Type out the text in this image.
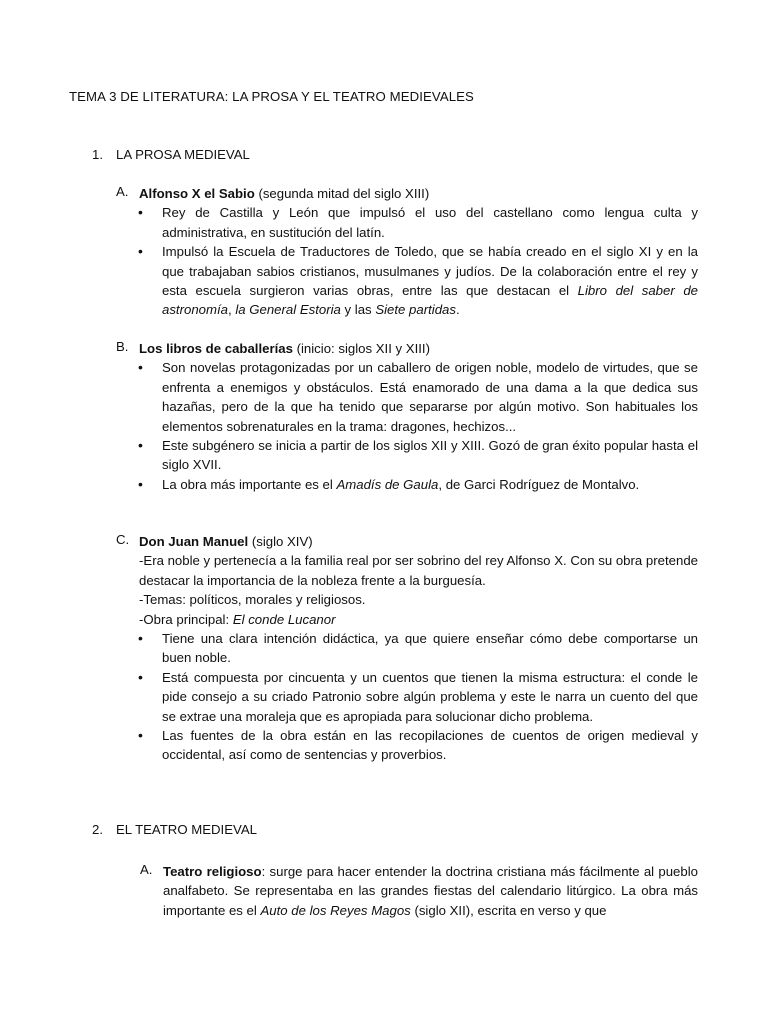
TEMA 3 DE LITERATURA: LA PROSA Y EL TEATRO MEDIEVALES
1. LA PROSA MEDIEVAL
A. Alfonso X el Sabio (segunda mitad del siglo XIII)
• Rey de Castilla y León que impulsó el uso del castellano como lengua culta y administrativa, en sustitución del latín.
• Impulsó la Escuela de Traductores de Toledo, que se había creado en el siglo XI y en la que trabajaban sabios cristianos, musulmanes y judíos. De la colaboración entre el rey y esta escuela surgieron varias obras, entre las que destacan el Libro del saber de astronomía, la General Estoria y las Siete partidas.
B. Los libros de caballerías (inicio: siglos XII y XIII)
• Son novelas protagonizadas por un caballero de origen noble, modelo de virtudes, que se enfrenta a enemigos y obstáculos. Está enamorado de una dama a la que dedica sus hazañas, pero de la que ha tenido que separarse por algún motivo. Son habituales los elementos sobrenaturales en la trama: dragones, hechizos...
• Este subgénero se inicia a partir de los siglos XII y XIII. Gozó de gran éxito popular hasta el siglo XVII.
• La obra más importante es el Amadís de Gaula, de Garci Rodríguez de Montalvo.
C. Don Juan Manuel (siglo XIV)
-Era noble y pertenecía a la familia real por ser sobrino del rey Alfonso X. Con su obra pretende destacar la importancia de la nobleza frente a la burguesía.
-Temas: políticos, morales y religiosos.
-Obra principal: El conde Lucanor
• Tiene una clara intención didáctica, ya que quiere enseñar cómo debe comportarse un buen noble.
• Está compuesta por cincuenta y un cuentos que tienen la misma estructura: el conde le pide consejo a su criado Patronio sobre algún problema y este le narra un cuento del que se extrae una moraleja que es apropiada para solucionar dicho problema.
• Las fuentes de la obra están en las recopilaciones de cuentos de origen medieval y occidental, así como de sentencias y proverbios.
2. EL TEATRO MEDIEVAL
A. Teatro religioso: surge para hacer entender la doctrina cristiana más fácilmente al pueblo analfabeto. Se representaba en las grandes fiestas del calendario litúrgico. La obra más importante es el Auto de los Reyes Magos (siglo XII), escrita en verso y que
